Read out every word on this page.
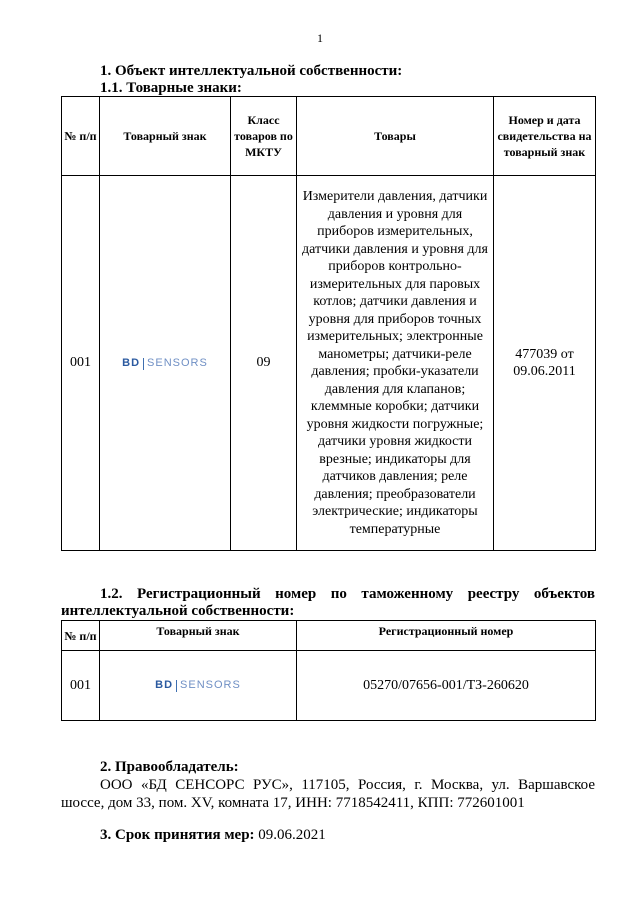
1
1. Объект интеллектуальной собственности:
1.1. Товарные знаки:
№ п/п	Товарный знак	Класс товаров по МКТУ	Товары	Номер и дата свидетельства на товарный знак
001	BD SENSORS	09	Измерители давления, датчики давления и уровня для приборов измерительных, датчики давления и уровня для приборов контрольно-измерительных для паровых котлов; датчики давления и уровня для приборов точных измерительных; электронные манометры; датчики-реле давления; пробки-указатели давления для клапанов; клеммные коробки; датчики уровня жидкости погружные; датчики уровня жидкости врезные; индикаторы для датчиков давления; реле давления; преобразователи электрические; индикаторы температурные	477039 от 09.06.2011
1.2. Регистрационный номер по таможенному реестру объектов
интеллектуальной собственности:
№ п/п	Товарный знак	Регистрационный номер
001	BD SENSORS	05270/07656-001/ТЗ-260620
2. Правообладатель:
ООО «БД СЕНСОРС РУС», 117105, Россия, г. Москва, ул. Варшавское
шоссе, дом 33, пом. XV, комната 17, ИНН: 7718542411, КПП: 772601001
3. Срок принятия мер: 09.06.2021
